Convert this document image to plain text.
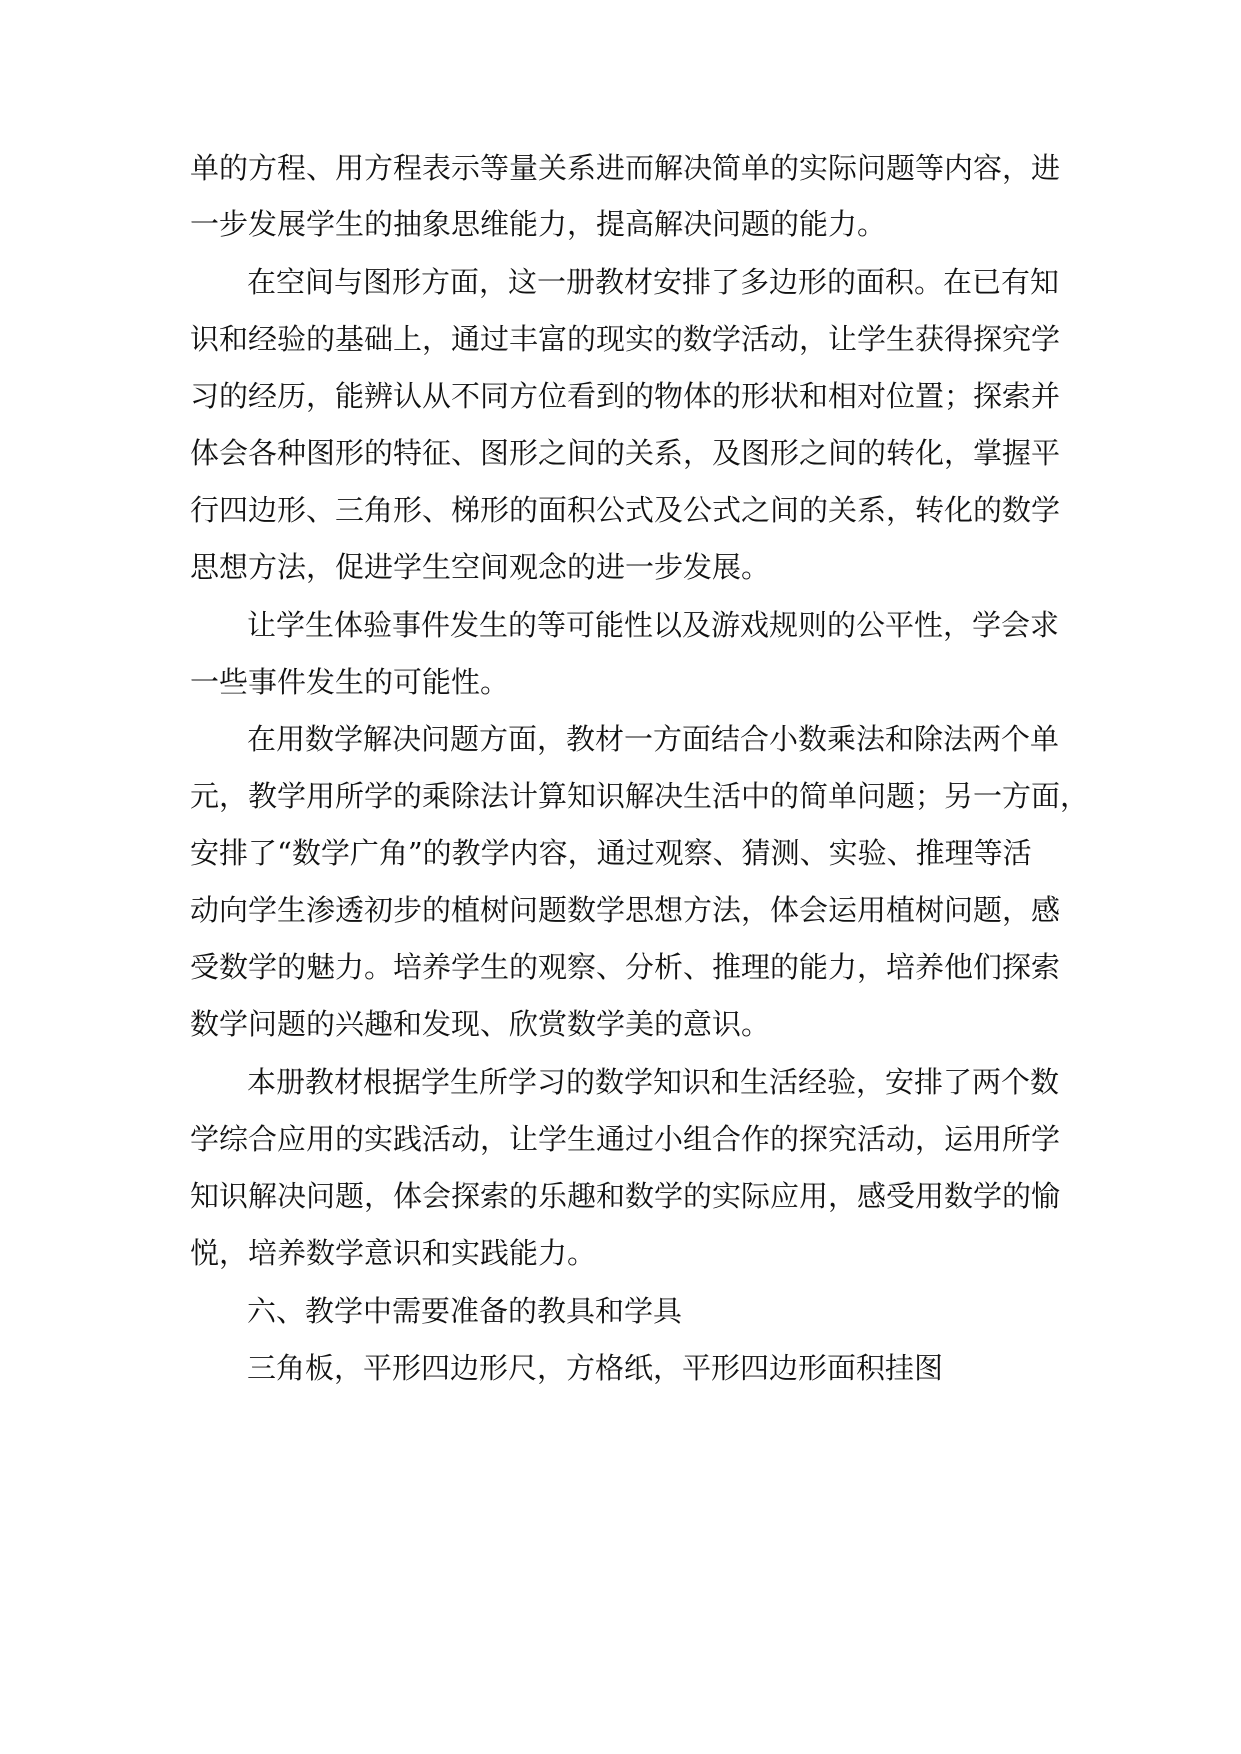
单的方程、用方程表示等量关系进而解决简单的实际问题等内容，进
一步发展学生的抽象思维能力，提高解决问题的能力。
在空间与图形方面，这一册教材安排了多边形的面积。在已有知
识和经验的基础上，通过丰富的现实的数学活动，让学生获得探究学
习的经历，能辨认从不同方位看到的物体的形状和相对位置；探索并
体会各种图形的特征、图形之间的关系，及图形之间的转化，掌握平
行四边形、三角形、梯形的面积公式及公式之间的关系，转化的数学
思想方法，促进学生空间观念的进一步发展。
让学生体验事件发生的等可能性以及游戏规则的公平性，学会求
一些事件发生的可能性。
在用数学解决问题方面，教材一方面结合小数乘法和除法两个单
元，教学用所学的乘除法计算知识解决生活中的简单问题；另一方面，
安排了“数学广角”的教学内容，通过观察、猜测、实验、推理等活
动向学生渗透初步的植树问题数学思想方法，体会运用植树问题，感
受数学的魅力。培养学生的观察、分析、推理的能力，培养他们探索
数学问题的兴趣和发现、欣赏数学美的意识。
本册教材根据学生所学习的数学知识和生活经验，安排了两个数
学综合应用的实践活动，让学生通过小组合作的探究活动，运用所学
知识解决问题，体会探索的乐趣和数学的实际应用，感受用数学的愉
悦，培养数学意识和实践能力。
六、教学中需要准备的教具和学具
三角板，平形四边形尺，方格纸，平形四边形面积挂图
